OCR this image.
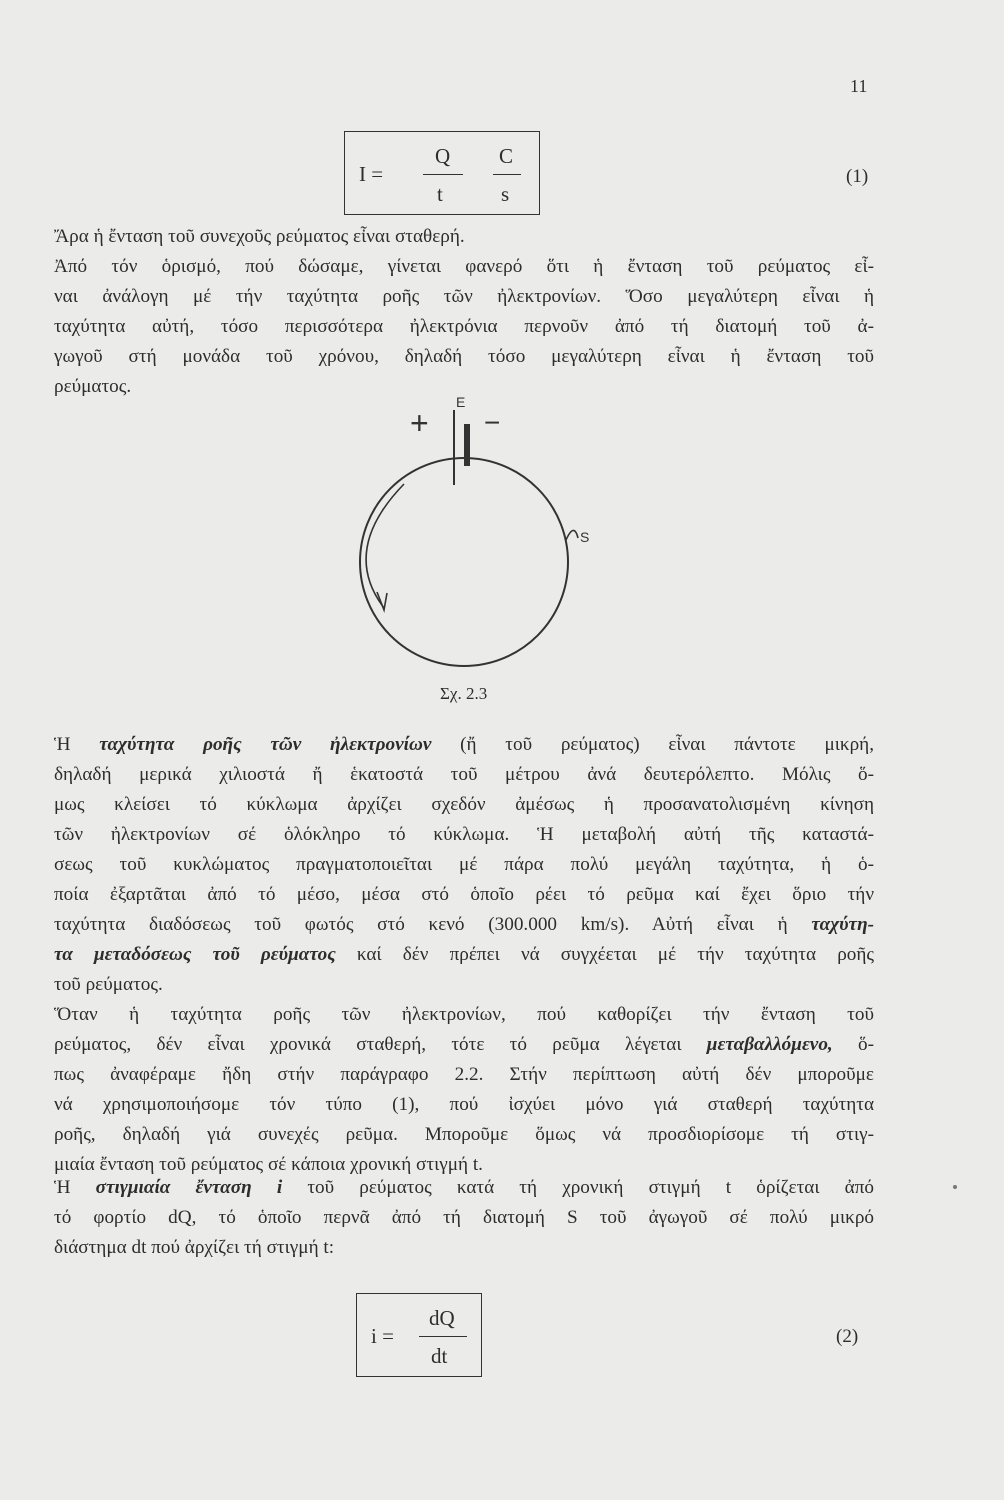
11
I =
Q
t
C
s
(1)

Ἄρα ἡ ἔνταση τοῦ συνεχοῦς ρεύματος εἶναι σταθερή.

Ἀπό τόν ὁρισμό, πού δώσαμε, γίνεται φανερό ὅτι ἡ ἔνταση τοῦ ρεύματος εἶ-
ναι ἀνάλογη μέ τήν ταχύτητα ροῆς τῶν ἠλεκτρονίων. Ὅσο μεγαλύτερη εἶναι ἡ
ταχύτητα αὐτή, τόσο περισσότερα ἠλεκτρόνια περνοῦν ἀπό τή διατομή τοῦ ἀ-
γωγοῦ στή μονάδα τοῦ χρόνου, δηλαδή τόσο μεγαλύτερη εἶναι ἡ ἔνταση τοῦ
ρεύματος.

E
+ −
S
Σχ. 2.3

Ἡ ταχύτητα ροῆς τῶν ἠλεκτρονίων (ἤ τοῦ ρεύματος) εἶναι πάντοτε μικρή,
δηλαδή μερικά χιλιοστά ἤ ἑκατοστά τοῦ μέτρου ἀνά δευτερόλεπτο. Μόλις ὅ-
μως κλείσει τό κύκλωμα ἀρχίζει σχεδόν ἀμέσως ἡ προσανατολισμένη κίνηση
τῶν ἠλεκτρονίων σέ ὁλόκληρο τό κύκλωμα. Ἡ μεταβολή αὐτή τῆς καταστά-
σεως τοῦ κυκλώματος πραγματοποιεῖται μέ πάρα πολύ μεγάλη ταχύτητα, ἡ ὁ-
ποία ἐξαρτᾶται ἀπό τό μέσο, μέσα στό ὁποῖο ρέει τό ρεῦμα καί ἔχει ὅριο τήν
ταχύτητα διαδόσεως τοῦ φωτός στό κενό (300.000 km/s). Αὐτή εἶναι ἡ ταχύτη-
τα μεταδόσεως τοῦ ρεύματος καί δέν πρέπει νά συγχέεται μέ τήν ταχύτητα ροῆς
τοῦ ρεύματος.

Ὅταν ἡ ταχύτητα ροῆς τῶν ἠλεκτρονίων, πού καθορίζει τήν ἔνταση τοῦ
ρεύματος, δέν εἶναι χρονικά σταθερή, τότε τό ρεῦμα λέγεται μεταβαλλόμενο, ὅ-
πως ἀναφέραμε ἤδη στήν παράγραφο 2.2. Στήν περίπτωση αὐτή δέν μποροῦμε
νά χρησιμοποιήσομε τόν τύπο (1), πού ἰσχύει μόνο γιά σταθερή ταχύτητα
ροῆς, δηλαδή γιά συνεχές ρεῦμα. Μποροῦμε ὅμως νά προσδιορίσομε τή στιγ-
μιαία ἔνταση τοῦ ρεύματος σέ κάποια χρονική στιγμή t.

Ἡ στιγμιαία ἔνταση i τοῦ ρεύματος κατά τή χρονική στιγμή t ὁρίζεται ἀπό
τό φορτίο dQ, τό ὁποῖο περνᾶ ἀπό τή διατομή S τοῦ ἀγωγοῦ σέ πολύ μικρό
διάστημα dt πού ἀρχίζει τή στιγμή t:

i =
dQ
dt
(2)
